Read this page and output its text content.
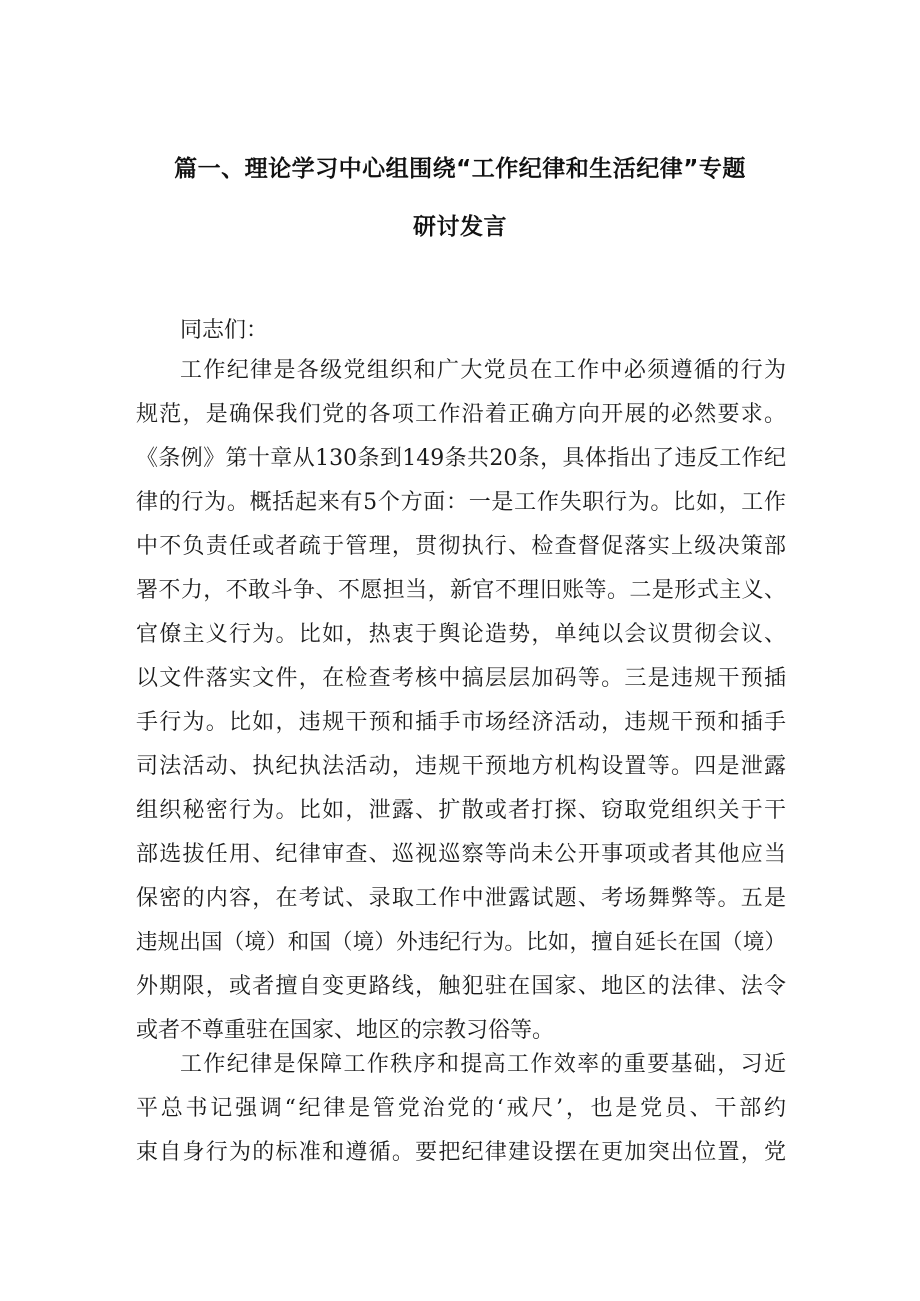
篇一、理论学习中心组围绕“工作纪律和生活纪律”专题
研讨发言
同志们：
工作纪律是各级党组织和广大党员在工作中必须遵循的行为
规范，是确保我们党的各项工作沿着正确方向开展的必然要求。
《条例》第十章从130条到149条共20条，具体指出了违反工作纪
律的行为。概括起来有5个方面：一是工作失职行为。比如，工作
中不负责任或者疏于管理，贯彻执行、检查督促落实上级决策部
署不力，不敢斗争、不愿担当，新官不理旧账等。二是形式主义、
官僚主义行为。比如，热衷于舆论造势，单纯以会议贯彻会议、
以文件落实文件，在检查考核中搞层层加码等。三是违规干预插
手行为。比如，违规干预和插手市场经济活动，违规干预和插手
司法活动、执纪执法活动，违规干预地方机构设置等。四是泄露
组织秘密行为。比如，泄露、扩散或者打探、窃取党组织关于干
部选拔任用、纪律审查、巡视巡察等尚未公开事项或者其他应当
保密的内容，在考试、录取工作中泄露试题、考场舞弊等。五是
违规出国（境）和国（境）外违纪行为。比如，擅自延长在国（境）
外期限，或者擅自变更路线，触犯驻在国家、地区的法律、法令
或者不尊重驻在国家、地区的宗教习俗等。
工作纪律是保障工作秩序和提高工作效率的重要基础，习近
平总书记强调“纪律是管党治党的‘戒尺’，也是党员、干部约
束自身行为的标准和遵循。要把纪律建设摆在更加突出位置，党
